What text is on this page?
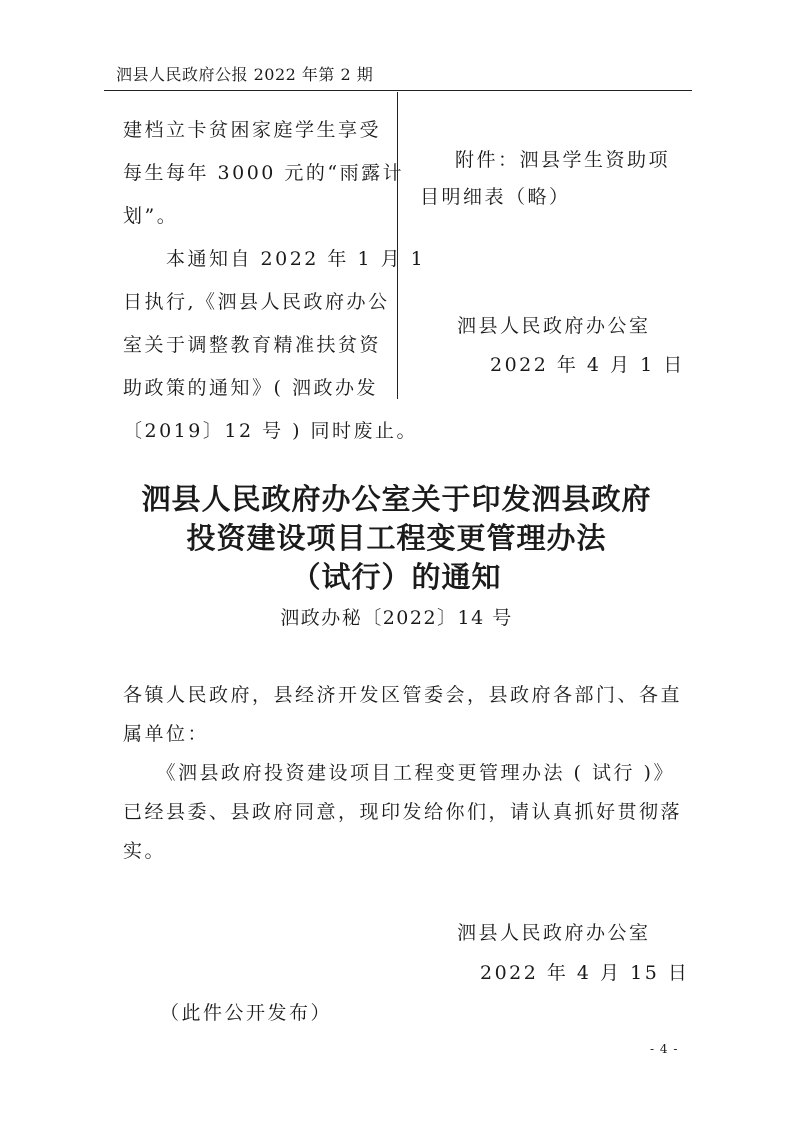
泗县人民政府公报 2022 年第 2 期
建档立卡贫困家庭学生享受
每生每年 3000 元的“雨露计
划”。
　　本通知自 2022 年 1 月 1
日执行,《泗县人民政府办公
室关于调整教育精准扶贫资
助政策的通知》( 泗政办发
〔2019〕12 号 ) 同时废止。
附件：泗县学生资助项
目明细表（略）
泗县人民政府办公室
2022 年 4 月 1 日
泗县人民政府办公室关于印发泗县政府
投资建设项目工程变更管理办法
（试行）的通知
泗政办秘〔2022〕14 号
各镇人民政府，县经济开发区管委会，县政府各部门、各直
属单位：
　　《泗县政府投资建设项目工程变更管理办法 ( 试行 )》
已经县委、县政府同意，现印发给你们，请认真抓好贯彻落
实。
泗县人民政府办公室
2022 年 4 月 15 日
（此件公开发布）
- 4 -
